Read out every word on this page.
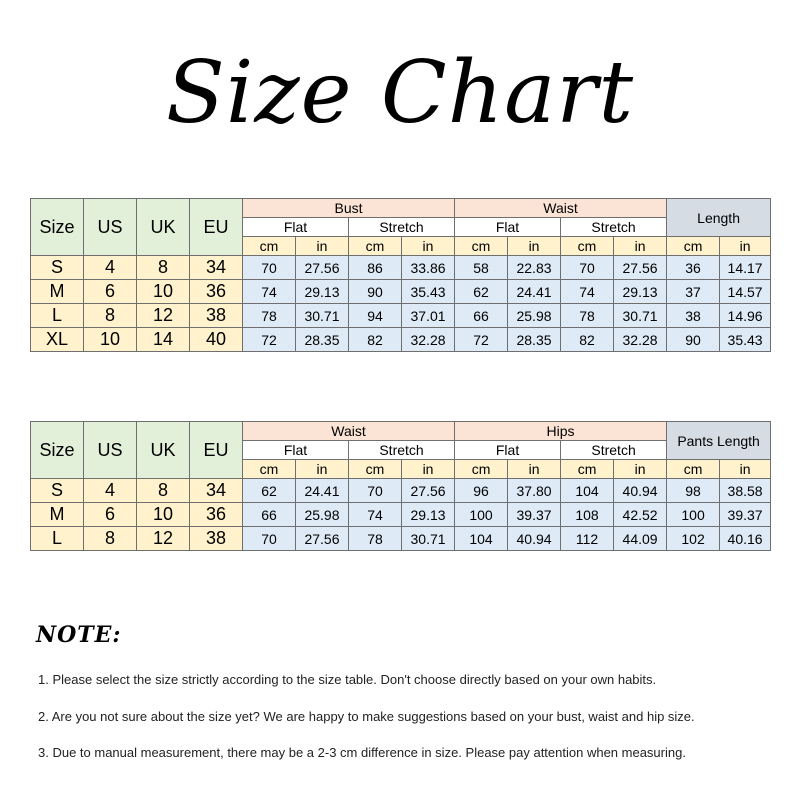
Size Chart
Size	US	UK	EU	Bust				Waist				Length	
				Flat		Stretch		Flat		Stretch			
				cm	in	cm	in	cm	in	cm	in	cm	in
S	4	8	34	70	27.56	86	33.86	58	22.83	70	27.56	36	14.17
M	6	10	36	74	29.13	90	35.43	62	24.41	74	29.13	37	14.57
L	8	12	38	78	30.71	94	37.01	66	25.98	78	30.71	38	14.96
XL	10	14	40	72	28.35	82	32.28	72	28.35	82	32.28	90	35.43
Size	US	UK	EU	Waist				Hips				Pants Length	
				Flat		Stretch		Flat		Stretch			
				cm	in	cm	in	cm	in	cm	in	cm	in
S	4	8	34	62	24.41	70	27.56	96	37.80	104	40.94	98	38.58
M	6	10	36	66	25.98	74	29.13	100	39.37	108	42.52	100	39.37
L	8	12	38	70	27.56	78	30.71	104	40.94	112	44.09	102	40.16
NOTE:
1. Please select the size strictly according to the size table. Don't choose directly based on your own habits.
2. Are you not sure about the size yet? We are happy to make suggestions based on your bust, waist and hip size.
3. Due to manual measurement, there may be a 2-3 cm difference in size. Please pay attention when measuring.
